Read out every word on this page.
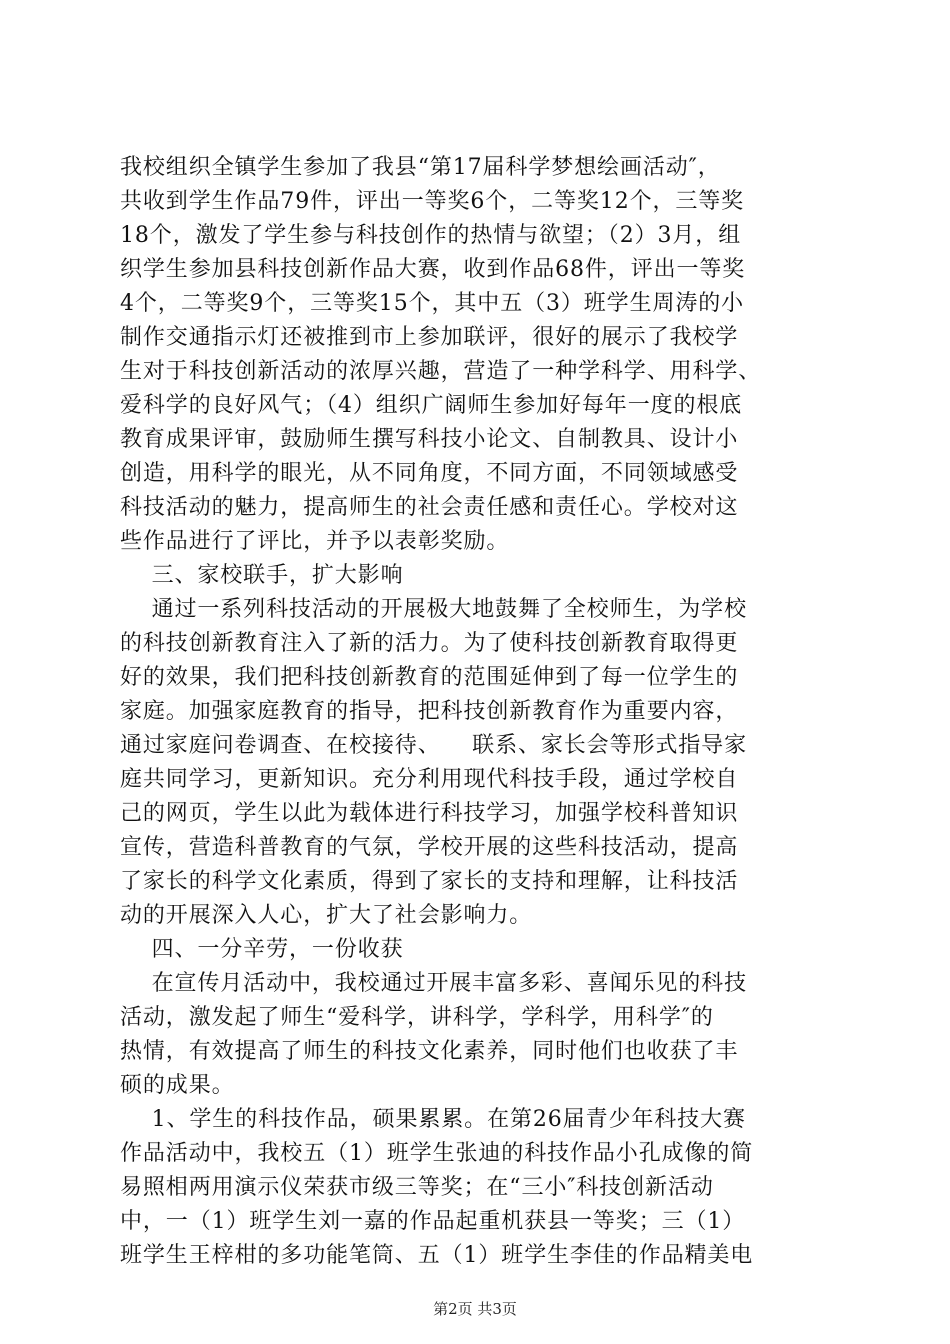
我校组织全镇学生参加了我县“第17届科学梦想绘画活动″，
共收到学生作品79件，评出一等奖6个，二等奖12个，三等奖
18个，激发了学生参与科技创作的热情与欲望；（2）3月，组
织学生参加县科技创新作品大赛，收到作品68件，评出一等奖
4个，二等奖9个，三等奖15个，其中五（3）班学生周涛的小
制作交通指示灯还被推到市上参加联评，很好的展示了我校学
生对于科技创新活动的浓厚兴趣，营造了一种学科学、用科学、
爱科学的良好风气；（4）组织广阔师生参加好每年一度的根底
教育成果评审，鼓励师生撰写科技小论文、自制教具、设计小
创造，用科学的眼光，从不同角度，不同方面，不同领域感受
科技活动的魅力，提高师生的社会责任感和责任心。学校对这
些作品进行了评比，并予以表彰奖励。
三、家校联手，扩大影响
通过一系列科技活动的开展极大地鼓舞了全校师生，为学校
的科技创新教育注入了新的活力。为了使科技创新教育取得更
好的效果，我们把科技创新教育的范围延伸到了每一位学生的
家庭。加强家庭教育的指导，把科技创新教育作为重要内容，
通过家庭问卷调查、在校接待、    联系、家长会等形式指导家
庭共同学习，更新知识。充分利用现代科技手段，通过学校自
己的网页，学生以此为载体进行科技学习，加强学校科普知识
宣传，营造科普教育的气氛，学校开展的这些科技活动，提高
了家长的科学文化素质，得到了家长的支持和理解，让科技活
动的开展深入人心，扩大了社会影响力。
四、一分辛劳，一份收获
在宣传月活动中，我校通过开展丰富多彩、喜闻乐见的科技
活动，激发起了师生“爱科学，讲科学，学科学，用科学″的
热情，有效提高了师生的科技文化素养，同时他们也收获了丰
硕的成果。
1、学生的科技作品，硕果累累。在第26届青少年科技大赛
作品活动中，我校五（1）班学生张迪的科技作品小孔成像的简
易照相两用演示仪荣获市级三等奖；在“三小″科技创新活动
中，一（1）班学生刘一嘉的作品起重机获县一等奖；三（1）
班学生王梓柑的多功能笔筒、五（1）班学生李佳的作品精美电
第2页 共3页
